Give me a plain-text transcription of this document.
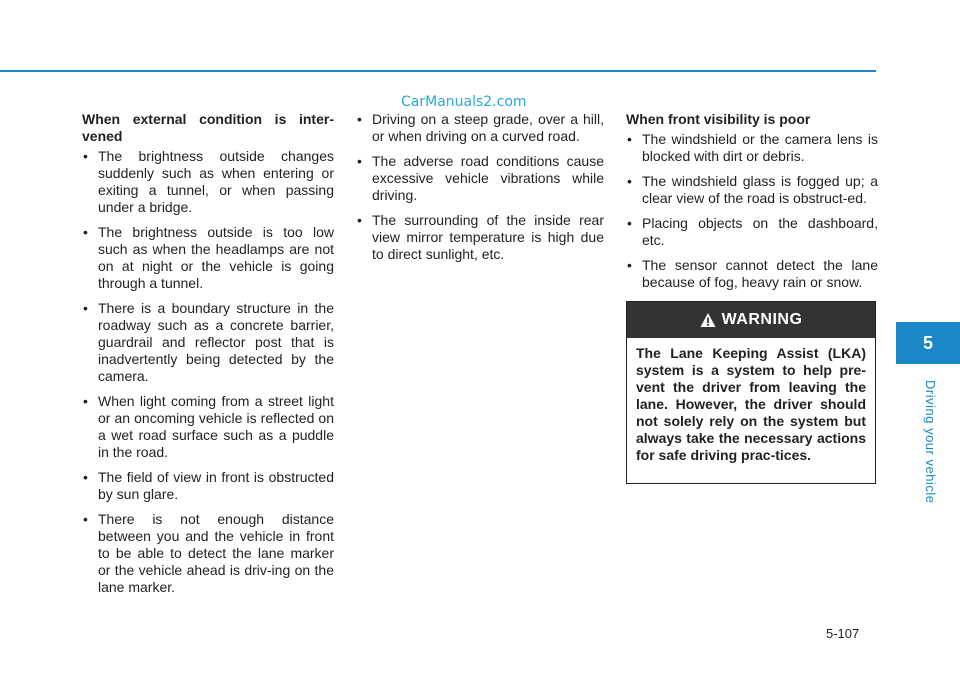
CarManuals2.com
When external condition is inter-vened
• The brightness outside changes suddenly such as when entering or exiting a tunnel, or when passing under a bridge.
• The brightness outside is too low such as when the headlamps are not on at night or the vehicle is going through a tunnel.
• There is a boundary structure in the roadway such as a concrete barrier, guardrail and reflector post that is inadvertently being detected by the camera.
• When light coming from a street light or an oncoming vehicle is reflected on a wet road surface such as a puddle in the road.
• The field of view in front is obstructed by sun glare.
• There is not enough distance between you and the vehicle in front to be able to detect the lane marker or the vehicle ahead is driv-ing on the lane marker.
• Driving on a steep grade, over a hill, or when driving on a curved road.
• The adverse road conditions cause excessive vehicle vibrations while driving.
• The surrounding of the inside rear view mirror temperature is high due to direct sunlight, etc.
When front visibility is poor
• The windshield or the camera lens is blocked with dirt or debris.
• The windshield glass is fogged up; a clear view of the road is obstruct-ed.
• Placing objects on the dashboard, etc.
• The sensor cannot detect the lane because of fog, heavy rain or snow.
WARNING
The Lane Keeping Assist (LKA) system is a system to help pre-vent the driver from leaving the lane. However, the driver should not solely rely on the system but always take the necessary actions for safe driving prac-tices.
5
Driving your vehicle
5-107
